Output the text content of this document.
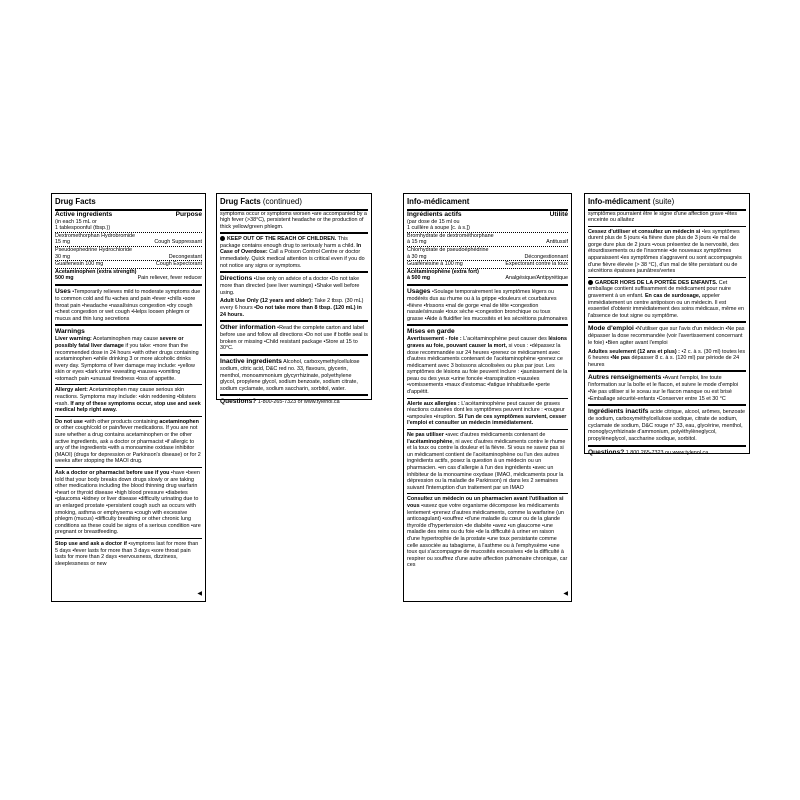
Drug Facts
Active ingredients	Purpose

(in each 15 mL or

1 tablespoonful (tbsp.))

Dextromethorphan Hydrobromide

15 mg	Cough Suppressant

Pseudoephedrine Hydrochloride

30 mg	Decongestant
Guaifenesin 100 mg	Cough Expectorant

Acetaminophen (extra strength)

500 mg	Pain reliever, fever reducer
Uses •Temporarily relieves mild to moderate symptoms due to common cold and flu •aches and pain •fever •chills •sore throat pain •headache •nasal/sinus congestion •dry cough •chest congestion or wet cough •Helps loosen phlegm or mucus and thin lung secretions
Warnings

Liver warning: Acetaminophen may cause severe or possibly fatal liver damage if you take: •more than the recommended dose in 24 hours •with other drugs containing acetaminophen •while drinking 3 or more alcoholic drinks every day. Symptoms of liver damage may include: •yellow skin or eyes •dark urine •sweating •nausea •vomiting •stomach pain •unusual tiredness •loss of appetite.

Allergy alert: Acetaminophen may cause serious skin reactions. Symptoms may include: •skin reddening •blisters •rash. If any of these symptoms occur, stop use and seek medical help right away.
Do not use •with other products containing acetaminophen or other cough/cold or pain/fever medications. If you are not sure whether a drug contains acetaminophen or the other active ingredients, ask a doctor or pharmacist •if allergic to any of the ingredients •with a monoamine oxidase inhibitor (MAOI) (drugs for depression or Parkinson's disease) or for 2 weeks after stopping the MAOI drug.
Ask a doctor or pharmacist before use if you •have •been told that your body breaks down drugs slowly or are taking other medications including the blood thinning drug warfarin •heart or thyroid disease •high blood pressure •diabetes •glaucoma •kidney or liver disease •difficulty urinating due to an enlarged prostate •persistent cough such as occurs with smoking, asthma or emphysema •cough with excessive phlegm (mucus) •difficulty breathing or other chronic lung conditions as these could be signs of a serious condition •are pregnant or breastfeeding.
Stop use and ask a doctor if •symptoms last for more than 5 days •fever lasts for more than 3 days •sore throat pain lasts for more than 2 days •nervousness, dizziness, sleeplessness or new
◀
Drug Facts (continued)

symptoms occur or symptoms worsen •are accompanied by a high fever (>38°C), persistent headache or the production of thick yellow/green phlegm.

KEEP OUT OF THE REACH OF CHILDREN. This package contains enough drug to seriously harm a child. In Case of Overdose: Call a Poison Control Centre or doctor immediately. Quick medical attention is critical even if you do not notice any signs or symptoms.

Directions •Use only on advice of a doctor •Do not take more than directed (see liver warnings) •Shake well before using.

Adult Use Only (12 years and older): Take 2 tbsp. (30 mL) every 6 hours •Do not take more than 8 tbsp. (120 mL) in 24 hours.

Other information •Read the complete carton and label before use and follow all directions •Do not use if bottle seal is broken or missing •Child resistant package •Store at 15 to 30°C.
Inactive ingredients Alcohol, carboxymethylcellulose sodium, citric acid, D&C red no. 33, flavours, glycerin, menthol, monoammonium glycyrrhizinate, polyethylene glycol, propylene glycol, sodium benzoate, sodium citrate, sodium cyclamate, sodium saccharin, sorbitol, water.
Questions? 1-800-265-7323 or www.tylenol.ca
Info-médicament
Ingrédients actifs	Utilité

(par dose de 15 ml ou

1 cuillère à soupe [c. à s.])

Bromhydrate de dextrométhorphane

à 15 mg	Antitussif

Chlorhydrate de pseudoéphédrine

à 30 mg	Décongestionnant
Guaifénésine à 100 mg	Expectorant contre la toux

Acétaminophène (extra fort)

à 500 mg	Analgésique/Antipyrétique
Usages •Soulage temporairement les symptômes légers ou modérés dus au rhume ou à la grippe •douleurs et courbatures •fièvre •frissons •mal de gorge •mal de tête •congestion nasale/sinusale •toux sèche •congestion bronchique ou toux grasse •Aide à fluidifier les mucosités et les sécrétions pulmonaires
Mises en garde

Avertissement - foie : L'acétaminophène peut causer des lésions graves au foie, pouvant causer la mort, si vous : •dépassez la dose recommandée sur 24 heures •prenez ce médicament avec d'autres médicaments contenant de l'acétaminophène •prenez ce médicament avec 3 boissons alcoolisées ou plus par jour. Les symptômes de lésions au foie peuvent inclure : •jaunissement de la peau ou des yeux •urine foncée •transpiration •nausées •vomissements •maux d'estomac •fatigue inhabituelle •perte d'appétit.

Alerte aux allergies : L'acétaminophène peut causer de graves réactions cutanées dont les symptômes peuvent inclure : •rougeur •ampoules •éruption. Si l'un de ces symptômes survient, cesser l'emploi et consulter un médecin immédiatement.
Ne pas utiliser •avec d'autres médicaments contenant de l'acétaminophène, ni avec d'autres médicaments contre le rhume et la toux ou contre la douleur et la fièvre. Si vous ne savez pas si un médicament contient de l'acétaminophène ou l'un des autres ingrédients actifs, posez la question à un médecin ou un pharmacien. •en cas d'allergie à l'un des ingrédients •avec un inhibiteur de la monoamine oxydase (IMAO, médicaments pour la dépression ou la maladie de Parkinson) ni dans les 2 semaines suivant l'interruption d'un traitement par un IMAO
Consultez un médecin ou un pharmacien avant l'utilisation si vous •savez que votre organisme décompose les médicaments lentement •prenez d'autres médicaments, comme la warfarine (un anticoagulant) •souffrez •d'une maladie du cœur ou de la glande thyroïde d'hypertension •de diabète •avez •un glaucome •une maladie des reins ou du foie •de la difficulté à uriner en raison d'une hypertrophie de la prostate •une toux persistante comme celle associée au tabagisme, à l'asthme ou à l'emphysème •une toux qui s'accompagne de mucosités excessives •de la difficulté à respirer ou souffrez d'une autre affection pulmonaire chronique, car ces
◀
Info-médicament (suite)

symptômes pourraient être le signe d'une affection grave •êtes enceinte ou allaitez

Cessez d'utiliser et consultez un médecin si •les symptômes durent plus de 5 jours •la fièvre dure plus de 3 jours •le mal de gorge dure plus de 2 jours •vous présentez de la nervosité, des étourdissements ou de l'insomnie •de nouveaux symptômes apparaissent •les symptômes s'aggravent ou sont accompagnés d'une fièvre élevée (> 38 °C), d'un mal de tête persistant ou de sécrétions épaisses jaunâtres/vertes
GARDER HORS DE LA PORTÉE DES ENFANTS. Cet emballage contient suffisamment de médicament pour nuire gravement à un enfant. En cas de surdosage, appeler immédiatement un centre antipoison ou un médecin. Il est essentiel d'obtenir immédiatement des soins médicaux, même en l'absence de tout signe ou symptôme.

Mode d'emploi •N'utiliser que sur l'avis d'un médecin •Ne pas dépasser la dose recommandée (voir l'avertissement concernant le foie) •Bien agiter avant l'emploi

Adultes seulement (12 ans et plus) : •2 c. à s. (30 ml) toutes les 6 heures •Ne pas dépasser 8 c. à s. (120 ml) par période de 24 heures

Autres renseignements •Avant l'emploi, lire toute l'information sur la boîte et le flacon, et suivre le mode d'emploi •Ne pas utiliser si le sceau sur le flacon manque ou est brisé •Emballage sécurité-enfants •Conserver entre 15 et 30 °C
Ingrédients inactifs acide citrique, alcool, arômes, benzoate de sodium, carboxyméthylcellulose sodique, citrate de sodium, cyclamate de sodium, D&C rouge n° 33, eau, glycérine, menthol, monoglycyrrhizinate d'ammonium, polyéthylèneglycol, propylèneglycol, saccharine sodique, sorbitol.
Questions? 1 800 265-7323 ou www.tylenol.ca
